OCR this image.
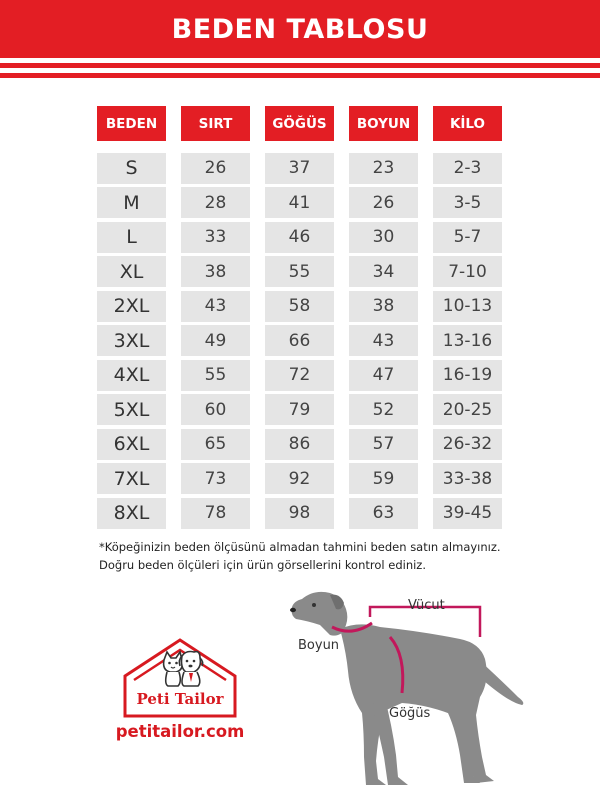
BEDEN TABLOSU
BEDEN	SIRT	GÖĞÜS	BOYUN	KİLO
S	26	37	23	2-3
M	28	41	26	3-5
L	33	46	30	5-7
XL	38	55	34	7-10
2XL	43	58	38	10-13
3XL	49	66	43	13-16
4XL	55	72	47	16-19
5XL	60	79	52	20-25
6XL	65	86	57	26-32
7XL	73	92	59	33-38
8XL	78	98	63	39-45
*Köpeğinizin beden ölçüsünü almadan tahmini beden satın almayınız.
Doğru beden ölçüleri için ürün görsellerini kontrol ediniz.
Peti Tailor
petitailor.com
Vücut
Boyun
Göğüs
